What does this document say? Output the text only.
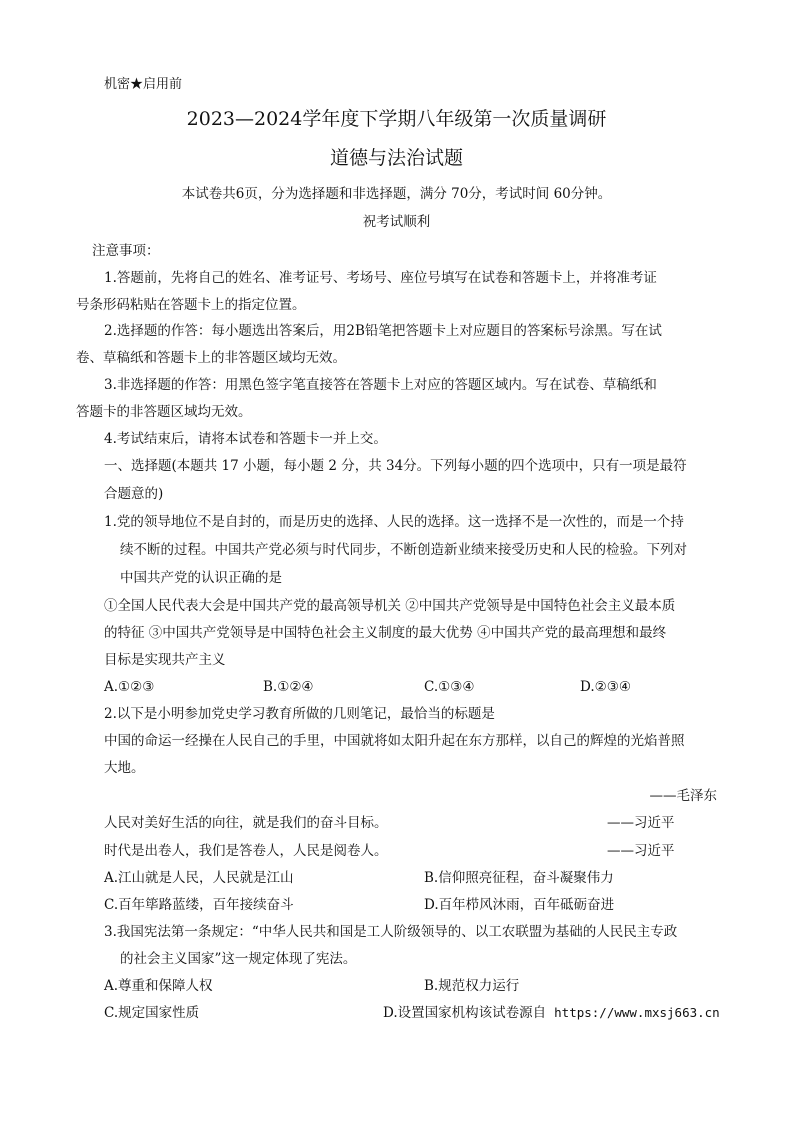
机密★启用前
2023—2024学年度下学期八年级第一次质量调研
道德与法治试题
本试卷共6页，分为选择题和非选择题，满分 70分，考试时间 60分钟。
祝考试顺利
注意事项：
1.答题前，先将自己的姓名、准考证号、考场号、座位号填写在试卷和答题卡上，并将准考证
号条形码粘贴在答题卡上的指定位置。
2.选择题的作答：每小题选出答案后，用2B铅笔把答题卡上对应题目的答案标号涂黑。写在试
卷、草稿纸和答题卡上的非答题区域均无效。
3.非选择题的作答：用黑色签字笔直接答在答题卡上对应的答题区域内。写在试卷、草稿纸和
答题卡的非答题区域均无效。
4.考试结束后，请将本试卷和答题卡一并上交。
一、选择题(本题共 17 小题，每小题 2 分，共 34分。下列每小题的四个选项中，只有一项是最符
合题意的)
1.党的领导地位不是自封的，而是历史的选择、人民的选择。这一选择不是一次性的，而是一个持
续不断的过程。中国共产党必须与时代同步，不断创造新业绩来接受历史和人民的检验。下列对
中国共产党的认识正确的是
①全国人民代表大会是中国共产党的最高领导机关 ②中国共产党领导是中国特色社会主义最本质
的特征 ③中国共产党领导是中国特色社会主义制度的最大优势 ④中国共产党的最高理想和最终
目标是实现共产主义
A.①②③	B.①②④	C.①③④	D.②③④
2.以下是小明参加党史学习教育所做的几则笔记，最恰当的标题是
中国的命运一经操在人民自己的手里，中国就将如太阳升起在东方那样，以自己的辉煌的光焰普照
大地。
——毛泽东
人民对美好生活的向往，就是我们的奋斗目标。	——习近平
时代是出卷人，我们是答卷人，人民是阅卷人。	——习近平
A.江山就是人民，人民就是江山	B.信仰照亮征程，奋斗凝聚伟力
C.百年筚路蓝缕，百年接续奋斗	D.百年栉风沐雨，百年砥砺奋进
3.我国宪法第一条规定：“中华人民共和国是工人阶级领导的、以工农联盟为基础的人民民主专政
的社会主义国家”这一规定体现了宪法。
A.尊重和保障人权	B.规范权力运行
C.规定国家性质	D.设置国家机构该试卷源自 https://www.mxsj663.cn
